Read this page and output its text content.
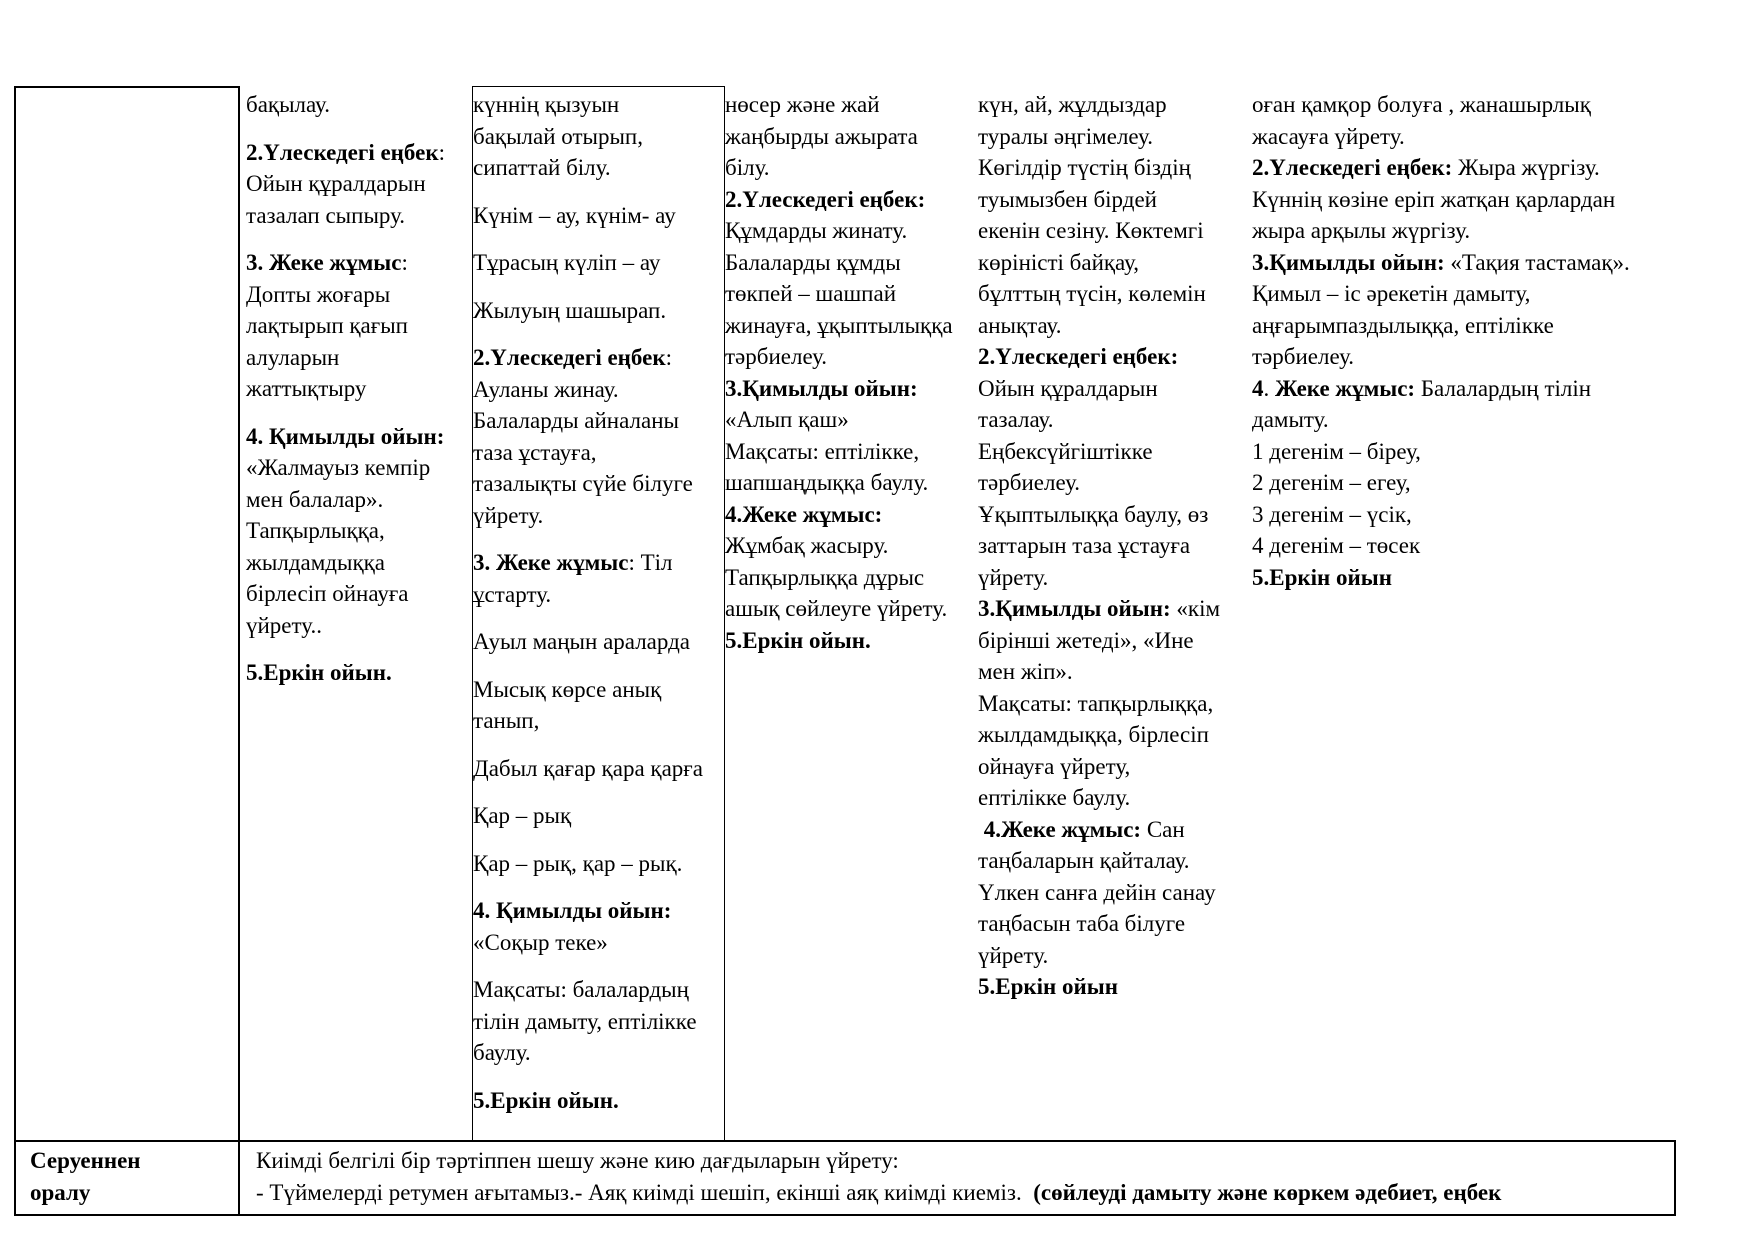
бақылау.

2.Үлескедегі еңбек:

Ойын құралдарын

тазалап сыпыру.

3. Жеке жұмыс:

Допты жоғары

лақтырып қағып

алуларын

жаттықтыру

4. Қимылды ойын:

«Жалмауыз кемпір

мен балалар».

Тапқырлыққа,

жылдамдыққа

бірлесіп ойнауға

үйрету..

5.Еркін ойын.

күннің қызуын

бақылай отырып,

сипаттай білу.

Күнім – ау, күнім- ау

Тұрасың күліп – ау

Жылуың шашырап.

2.Үлескедегі еңбек:

Ауланы жинау.

Балаларды айналаны

таза ұстауға,

тазалықты сүйе білуге

үйрету.

3. Жеке жұмыс: Тіл

ұстарту.

Ауыл маңын араларда

Мысық көрсе анық

танып,

Дабыл қағар қара қарға

Қар – рық

Қар – рық, қар – рық.

4. Қимылды ойын:

«Соқыр теке»

Мақсаты: балалардың

тілін дамыту, ептілікке

баулу.

5.Еркін ойын.

нөсер және жай

жаңбырды ажырата

білу.

2.Үлескедегі еңбек:

Құмдарды жинату.

Балаларды құмды

төкпей – шашпай

жинауға, ұқыптылыққа

тәрбиелеу.

3.Қимылды ойын:

«Алып қаш»

Мақсаты: ептілікке,

шапшаңдыққа баулу.

4.Жеке жұмыс:

Жұмбақ жасыру.

Тапқырлыққа дұрыс

ашық сөйлеуге үйрету.

5.Еркін ойын.

күн, ай, жұлдыздар

туралы әңгімелеу.

Көгілдір түстің біздің

туымызбен бірдей

екенін сезіну. Көктемгі

көріністі байқау,

бұлттың түсін, көлемін

анықтау.

2.Үлескедегі еңбек:

Ойын құралдарын

тазалау.

Еңбексүйгіштікке

тәрбиелеу.

Ұқыптылыққа баулу, өз

заттарын таза ұстауға

үйрету.

3.Қимылды ойын: «кім

бірінші жетеді», «Ине

мен жіп».

Мақсаты: тапқырлыққа,

жылдамдыққа, бірлесіп

ойнауға үйрету,

ептілікке баулу.

4.Жеке жұмыс: Сан

таңбаларын қайталау.

Үлкен санға дейін санау

таңбасын таба білуге

үйрету.

5.Еркін ойын

оған қамқор болуға , жанашырлық

жасауға үйрету.

2.Үлескедегі еңбек: Жыра жүргізу.

Күннің көзіне еріп жатқан қарлардан

жыра арқылы жүргізу.

3.Қимылды ойын: «Тақия тастамақ».

Қимыл – іс әрекетін дамыту,

аңғарымпаздылыққа, ептілікке

тәрбиелеу.

4. Жеке жұмыс: Балалардың тілін

дамыту.

1 дегенім – біреу,

2 дегенім – егеу,

3 дегенім – үсік,

4 дегенім – төсек

5.Еркін ойын

Серуеннен
оралу
Киімді белгілі бір тәртіппен шешу және кию дағдыларын үйрету:
- Түймелерді ретумен ағытамыз.- Аяқ киімді шешіп, екінші аяқ киімді киеміз. (сөйлеуді дамыту және көркем әдебиет, еңбек
